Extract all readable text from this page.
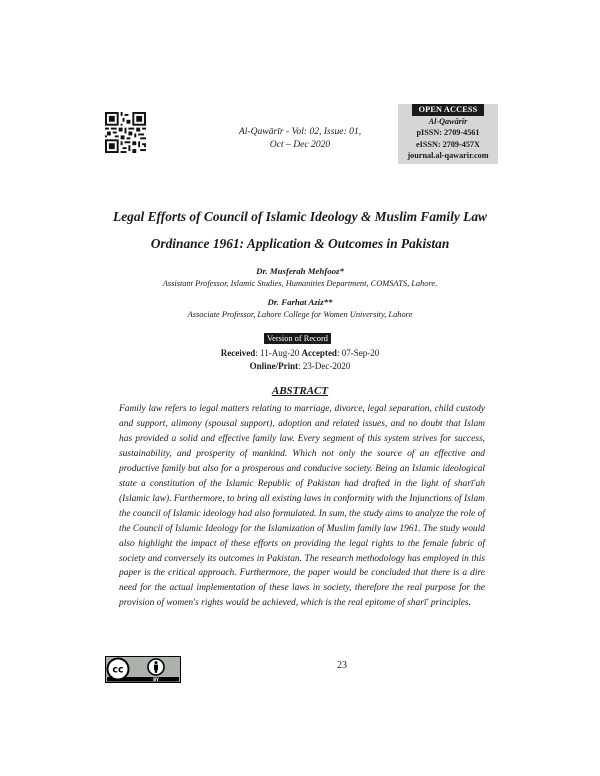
Al-Qawārīr - Vol: 02, Issue: 01,
Oct – Dec 2020
OPEN ACCESS
Al-Qawārīr
pISSN: 2709-4561
eISSN: 2709-457X
journal.al-qawarir.com
Legal Efforts of Council of Islamic Ideology & Muslim Family Law
Ordinance 1961: Application & Outcomes in Pakistan
Dr. Musferah Mehfooz*
Assistant Professor, Islamic Studies, Humanities Department, COMSATS, Lahore.
Dr. Farhat Aziz**
Associate Professor, Lahore College for Women University, Lahore
Version of Record
Received: 11-Aug-20 Accepted: 07-Sep-20
Online/Print: 23-Dec-2020
ABSTRACT

Family law refers to legal matters relating to marriage, divorce, legal separation, child custody and support, alimony (spousal support), adoption and related issues, and no doubt that Islam has provided a solid and effective family law. Every segment of this system strives for success, sustainability, and prosperity of mankind. Which not only the source of an effective and productive family but also for a prosperous and conducive society. Being an Islamic ideological state a constitution of the Islamic Republic of Pakistan had drafted in the light of sharī'ah (Islamic law). Furthermore, to bring all existing laws in conformity with the Injunctions of Islam the council of Islamic ideology had also formulated. In sum, the study aims to analyze the role of the Council of Islamic Ideology for the Islamization of Muslim family law 1961. The study would also highlight the impact of these efforts on providing the legal rights to the female fabric of society and conversely its outcomes in Pakistan. The research methodology has employed in this paper is the critical approach. Furthermore, the paper would be concluded that there is a dire need for the actual implementation of these laws in society, therefore the real purpose for the provision of women's rights would be achieved, which is the real epitome of sharī' principles.

cc
BY
23
